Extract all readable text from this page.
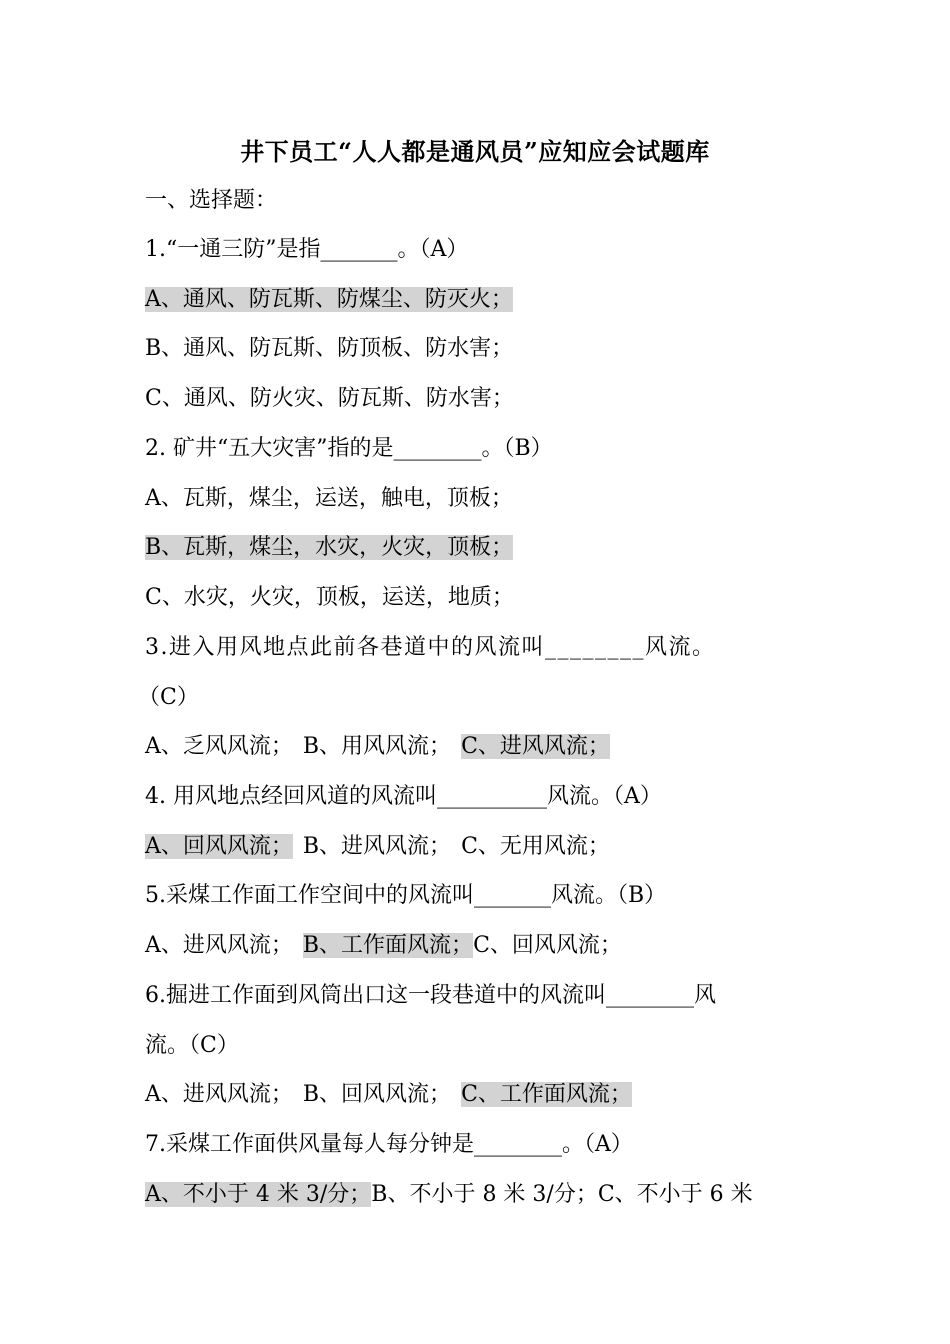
井下员工“人人都是通风员”应知应会试题库
一、选择题：
1.“一通三防”是指_______。（A）
A、通风、防瓦斯、防煤尘、防灭火；
B、通风、防瓦斯、防顶板、防水害；
C、通风、防火灾、防瓦斯、防水害；
2. 矿井“五大灾害”指的是________。（B）
A、瓦斯，煤尘，运送，触电，顶板；
B、瓦斯，煤尘，水灾，火灾，顶板；
C、水灾，火灾，顶板，运送，地质；
3.进入用风地点此前各巷道中的风流叫________风流。
（C）
A、乏风风流； B、用风风流； C、进风风流；
4. 用风地点经回风道的风流叫__________风流。（A）
A、回风风流； B、进风风流； C、无用风流；
5.采煤工作面工作空间中的风流叫_______风流。（B）
A、进风风流； B、工作面风流；C、回风风流；
6.掘进工作面到风筒出口这一段巷道中的风流叫________风
流。（C）
A、进风风流； B、回风风流； C、工作面风流；
7.采煤工作面供风量每人每分钟是________。（A）
A、不小于 4 米 3/分；B、不小于 8 米 3/分；C、不小于 6 米
